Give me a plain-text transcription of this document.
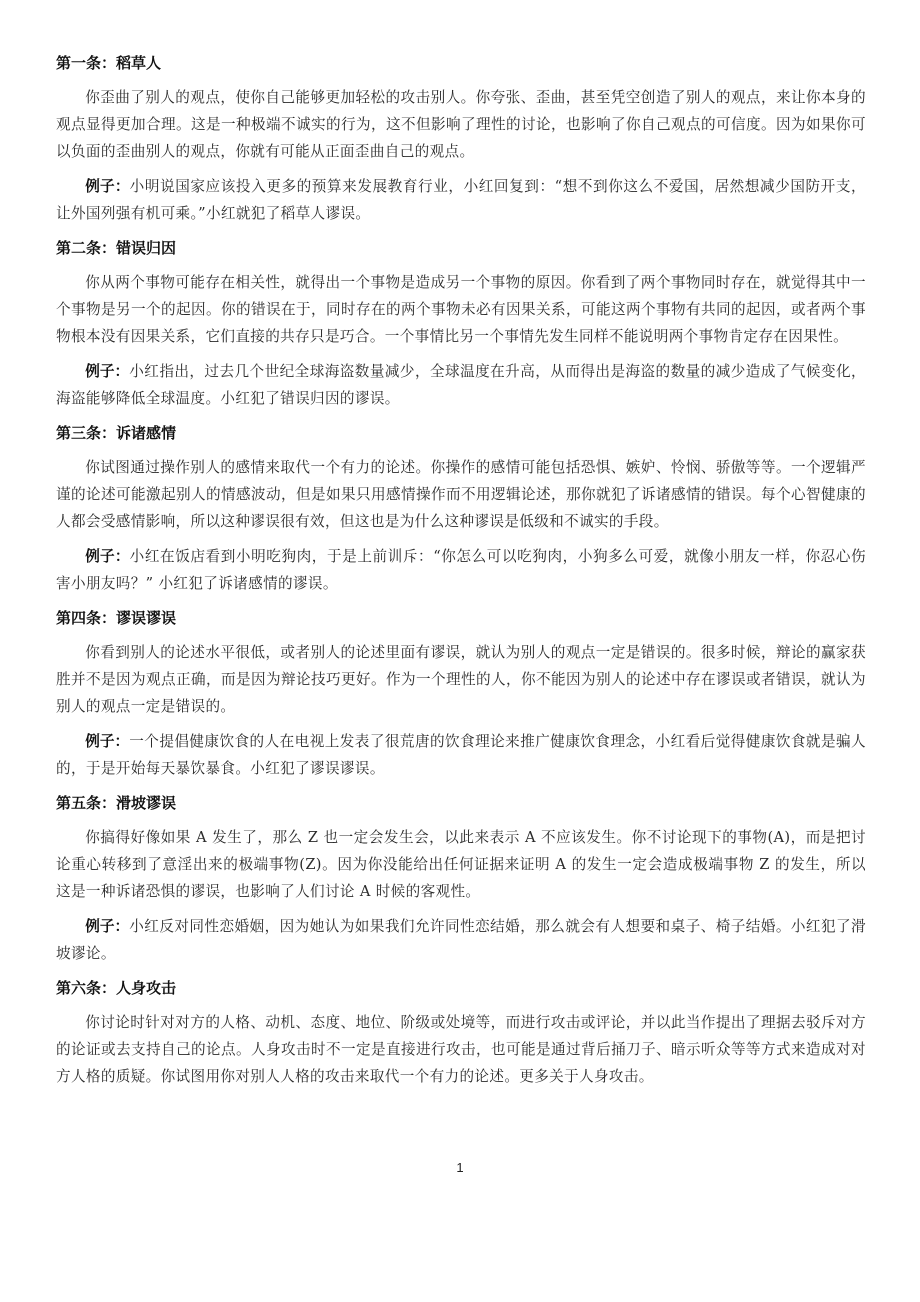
第一条：稻草人

你歪曲了别人的观点，使你自己能够更加轻松的攻击别人。你夸张、歪曲，甚至凭空创造了别人的观点，来让你本身的观点显得更加合理。这是一种极端不诚实的行为，这不但影响了理性的讨论，也影响了你自己观点的可信度。因为如果你可以负面的歪曲别人的观点，你就有可能从正面歪曲自己的观点。

例子：小明说国家应该投入更多的预算来发展教育行业，小红回复到：“想不到你这么不爱国，居然想减少国防开支，让外国列强有机可乘。”小红就犯了稻草人谬误。

第二条：错误归因

你从两个事物可能存在相关性，就得出一个事物是造成另一个事物的原因。你看到了两个事物同时存在，就觉得其中一个事物是另一个的起因。你的错误在于，同时存在的两个事物未必有因果关系，可能这两个事物有共同的起因，或者两个事物根本没有因果关系，它们直接的共存只是巧合。一个事情比另一个事情先发生同样不能说明两个事物肯定存在因果性。

例子：小红指出，过去几个世纪全球海盗数量减少，全球温度在升高，从而得出是海盗的数量的减少造成了气候变化，海盗能够降低全球温度。小红犯了错误归因的谬误。

第三条：诉诸感情

你试图通过操作别人的感情来取代一个有力的论述。你操作的感情可能包括恐惧、嫉妒、怜悯、骄傲等等。一个逻辑严谨的论述可能激起别人的情感波动，但是如果只用感情操作而不用逻辑论述，那你就犯了诉诸感情的错误。每个心智健康的人都会受感情影响，所以这种谬误很有效，但这也是为什么这种谬误是低级和不诚实的手段。

例子：小红在饭店看到小明吃狗肉，于是上前训斥：“你怎么可以吃狗肉，小狗多么可爱，就像小朋友一样，你忍心伤害小朋友吗？” 小红犯了诉诸感情的谬误。

第四条：谬误谬误

你看到别人的论述水平很低，或者别人的论述里面有谬误，就认为别人的观点一定是错误的。很多时候，辩论的赢家获胜并不是因为观点正确，而是因为辩论技巧更好。作为一个理性的人，你不能因为别人的论述中存在谬误或者错误，就认为别人的观点一定是错误的。

例子：一个提倡健康饮食的人在电视上发表了很荒唐的饮食理论来推广健康饮食理念，小红看后觉得健康饮食就是骗人的，于是开始每天暴饮暴食。小红犯了谬误谬误。

第五条：滑坡谬误

你搞得好像如果 A 发生了，那么 Z 也一定会发生会，以此来表示 A 不应该发生。你不讨论现下的事物(A)，而是把讨论重心转移到了意淫出来的极端事物(Z)。因为你没能给出任何证据来证明 A 的发生一定会造成极端事物 Z 的发生，所以这是一种诉诸恐惧的谬误，也影响了人们讨论 A 时候的客观性。

例子：小红反对同性恋婚姻，因为她认为如果我们允许同性恋结婚，那么就会有人想要和桌子、椅子结婚。小红犯了滑坡谬论。

第六条：人身攻击

你讨论时针对对方的人格、动机、态度、地位、阶级或处境等，而进行攻击或评论，并以此当作提出了理据去驳斥对方的论证或去支持自己的论点。人身攻击时不一定是直接进行攻击，也可能是通过背后捅刀子、暗示听众等等方式来造成对对方人格的质疑。你试图用你对别人人格的攻击来取代一个有力的论述。更多关于人身攻击。

1
